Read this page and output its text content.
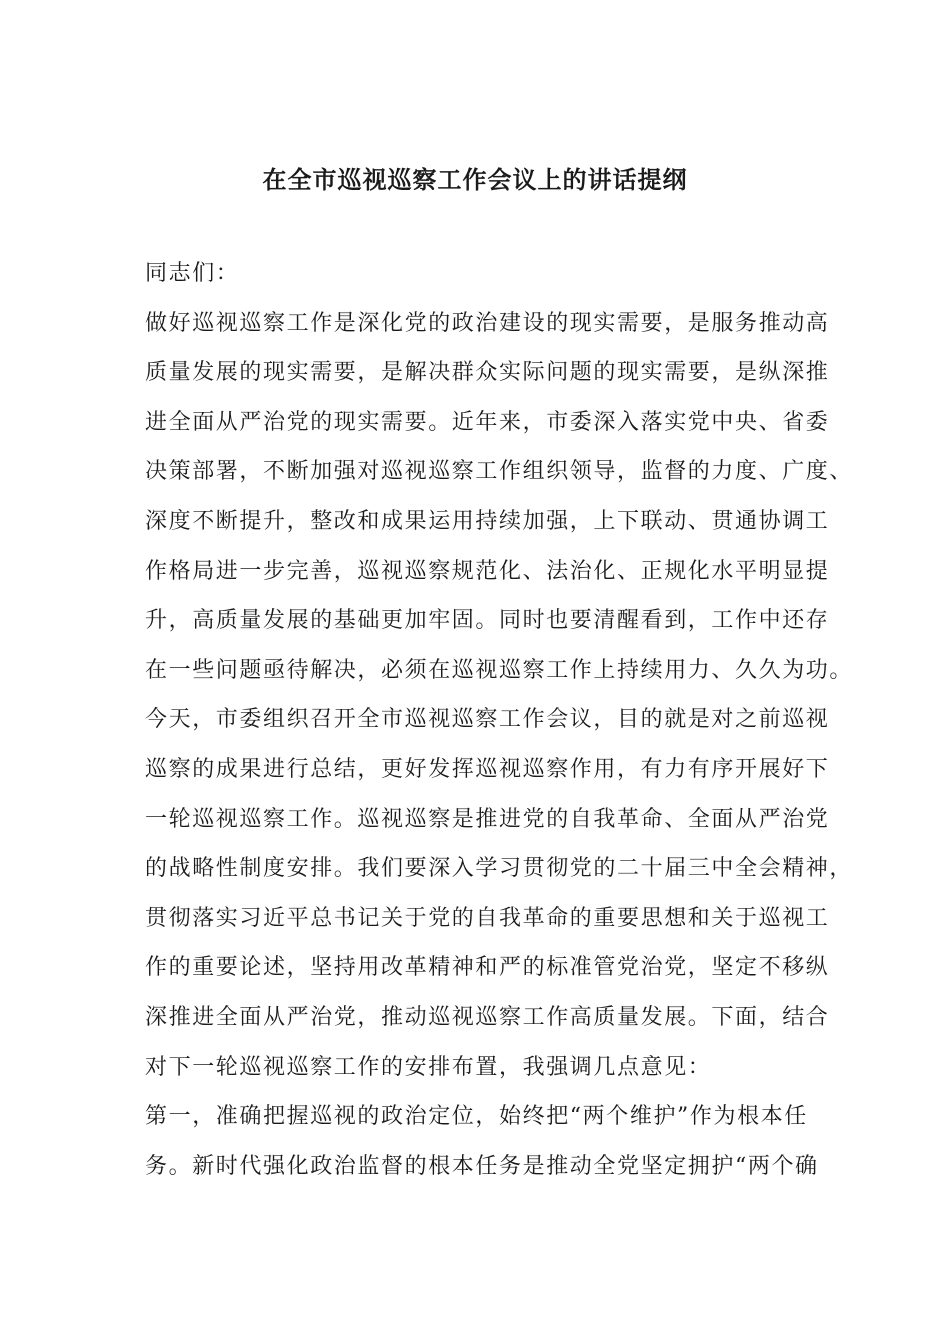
在全市巡视巡察工作会议上的讲话提纲

同志们：

做好巡视巡察工作是深化党的政治建设的现实需要，是服务推动高

质量发展的现实需要，是解决群众实际问题的现实需要，是纵深推

进全面从严治党的现实需要。近年来，市委深入落实党中央、省委

决策部署，不断加强对巡视巡察工作组织领导，监督的力度、广度、

深度不断提升，整改和成果运用持续加强，上下联动、贯通协调工

作格局进一步完善，巡视巡察规范化、法治化、正规化水平明显提

升，高质量发展的基础更加牢固。同时也要清醒看到，工作中还存

在一些问题亟待解决，必须在巡视巡察工作上持续用力、久久为功。

今天，市委组织召开全市巡视巡察工作会议，目的就是对之前巡视

巡察的成果进行总结，更好发挥巡视巡察作用，有力有序开展好下

一轮巡视巡察工作。巡视巡察是推进党的自我革命、全面从严治党

的战略性制度安排。我们要深入学习贯彻党的二十届三中全会精神，

贯彻落实习近平总书记关于党的自我革命的重要思想和关于巡视工

作的重要论述，坚持用改革精神和严的标准管党治党，坚定不移纵

深推进全面从严治党，推动巡视巡察工作高质量发展。下面，结合

对下一轮巡视巡察工作的安排布置，我强调几点意见：

第一，准确把握巡视的政治定位，始终把“两个维护”作为根本任

务。新时代强化政治监督的根本任务是推动全党坚定拥护“两个确
